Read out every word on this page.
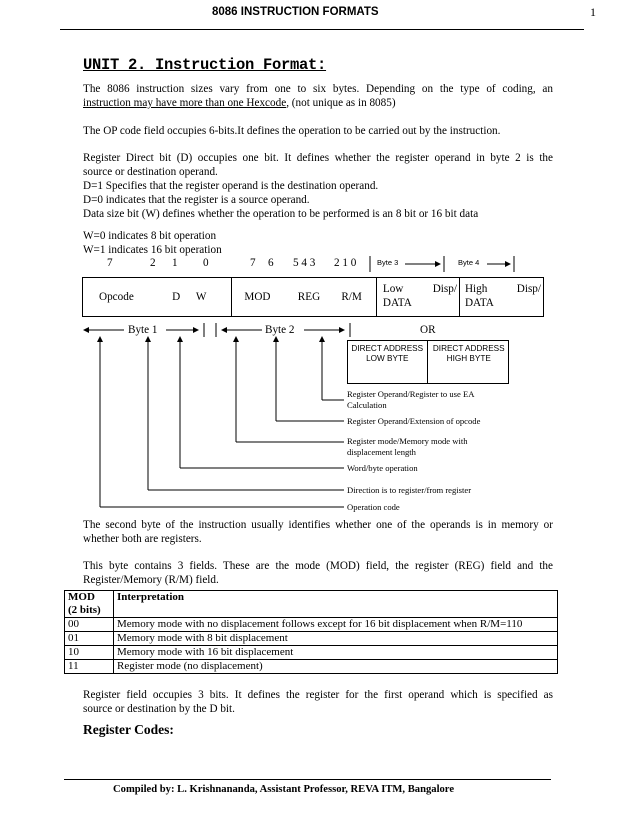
8086 INSTRUCTION FORMATS	1
UNIT 2. Instruction Format:
The 8086 instruction sizes vary from one to six bytes. Depending on the type of coding, an
instruction may have more than one Hexcode, (not unique as in 8085)
The OP code field occupies 6-bits.It defines the operation to be carried out by the instruction.
Register Direct bit (D) occupies one bit. It defines whether the register operand in byte 2 is the
source or destination operand.
D=1 Specifies that the register operand is the destination operand.
D=0 indicates that the register is a source operand.
Data size bit (W) defines whether the operation to be performed is an 8 bit or 16 bit data
W=0 indicates 8 bit operation
W=1 indicates 16 bit operation
7	2 1 0	7 6 5 4 3 2 1 0	Byte 3	Byte 4
Opcode	D	W	MOD	REG	R/M
Low	Disp/
DATA
High	Disp/
DATA
Byte 1	Byte 2	OR
DIRECT ADDRESS LOW BYTE
DIRECT ADDRESS HIGH BYTE
Register Operand/Register to use EA
Calculation
Register Operand/Extension of opcode
Register mode/Memory mode with
displacement length
Word/byte operation
Direction is to register/from register
Operation code
The second byte of the instruction usually identifies whether one of the operands is in memory or
whether both are registers.
This byte contains 3 fields. These are the mode (MOD) field, the register (REG) field and the
Register/Memory (R/M) field.
MOD
(2 bits)	Interpretation
00	Memory mode with no displacement follows except for 16 bit displacement when R/M=110
01	Memory mode with 8 bit displacement
10	Memory mode with 16 bit displacement
11	Register mode (no displacement)
Register field occupies 3 bits. It defines the register for the first operand which is specified as
source or destination by the D bit.
Register Codes:
Compiled by: L. Krishnananda, Assistant Professor, REVA ITM, Bangalore
